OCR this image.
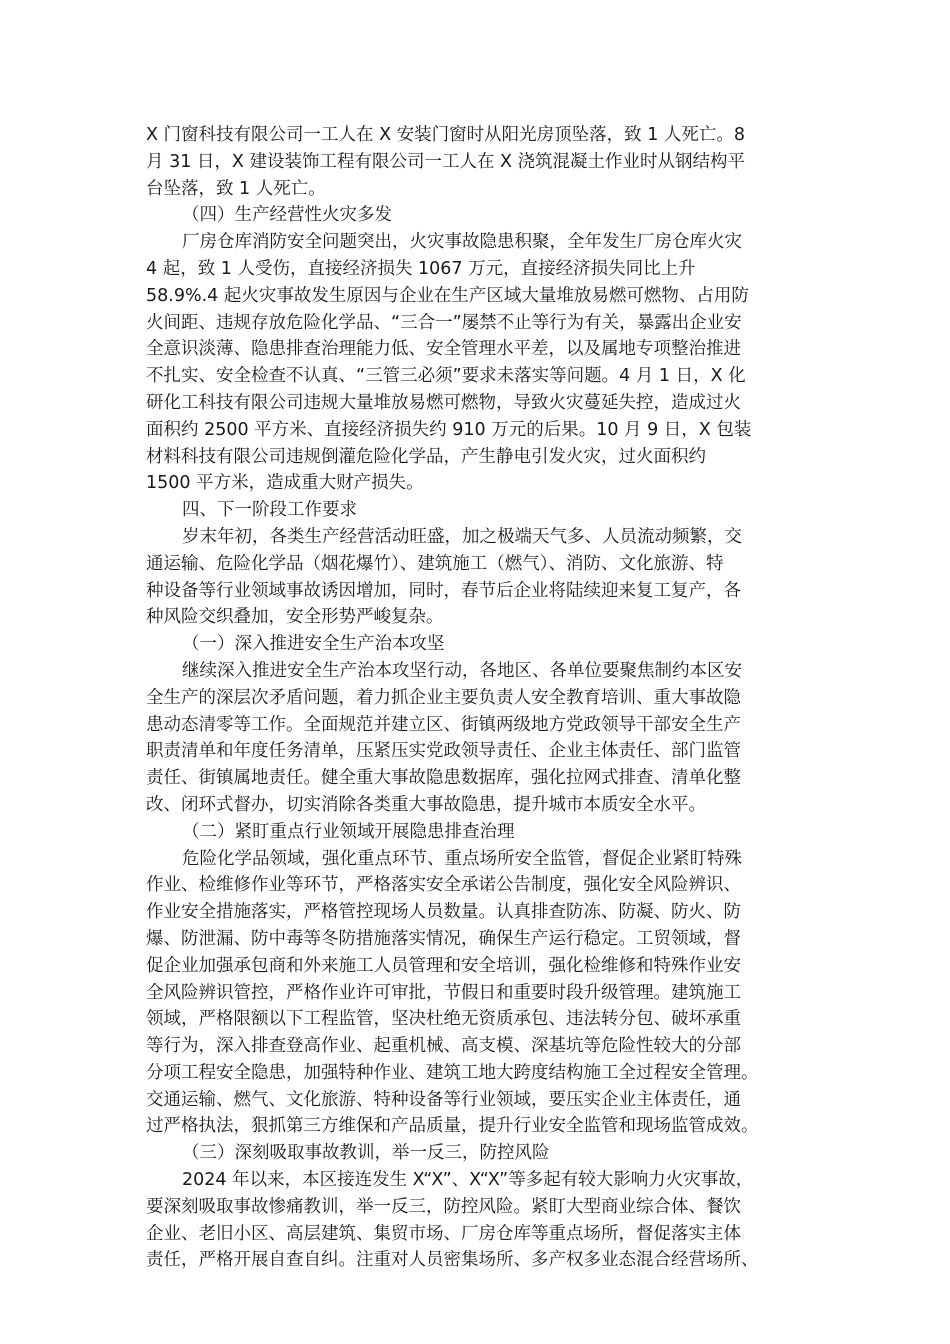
X 门窗科技有限公司一工人在 X 安装门窗时从阳光房顶坠落，致 1 人死亡。8
月 31 日，X 建设装饰工程有限公司一工人在 X 浇筑混凝土作业时从钢结构平
台坠落，致 1 人死亡。
（四）生产经营性火灾多发
厂房仓库消防安全问题突出，火灾事故隐患积聚，全年发生厂房仓库火灾
4 起，致 1 人受伤，直接经济损失 1067 万元，直接经济损失同比上升
58.9%.4 起火灾事故发生原因与企业在生产区域大量堆放易燃可燃物、占用防
火间距、违规存放危险化学品、“三合一”屡禁不止等行为有关，暴露出企业安
全意识淡薄、隐患排查治理能力低、安全管理水平差，以及属地专项整治推进
不扎实、安全检查不认真、“三管三必须”要求未落实等问题。4 月 1 日，X 化
研化工科技有限公司违规大量堆放易燃可燃物，导致火灾蔓延失控，造成过火
面积约 2500 平方米、直接经济损失约 910 万元的后果。10 月 9 日，X 包装
材料科技有限公司违规倒灌危险化学品，产生静电引发火灾，过火面积约
1500 平方米，造成重大财产损失。
四、下一阶段工作要求
岁末年初，各类生产经营活动旺盛，加之极端天气多、人员流动频繁，交
通运输、危险化学品（烟花爆竹）、建筑施工（燃气）、消防、文化旅游、特
种设备等行业领域事故诱因增加，同时，春节后企业将陆续迎来复工复产，各
种风险交织叠加，安全形势严峻复杂。
（一）深入推进安全生产治本攻坚
继续深入推进安全生产治本攻坚行动，各地区、各单位要聚焦制约本区安
全生产的深层次矛盾问题，着力抓企业主要负责人安全教育培训、重大事故隐
患动态清零等工作。全面规范并建立区、街镇两级地方党政领导干部安全生产
职责清单和年度任务清单，压紧压实党政领导责任、企业主体责任、部门监管
责任、街镇属地责任。健全重大事故隐患数据库，强化拉网式排查、清单化整
改、闭环式督办，切实消除各类重大事故隐患，提升城市本质安全水平。
（二）紧盯重点行业领域开展隐患排查治理
危险化学品领域，强化重点环节、重点场所安全监管，督促企业紧盯特殊
作业、检维修作业等环节，严格落实安全承诺公告制度，强化安全风险辨识、
作业安全措施落实，严格管控现场人员数量。认真排查防冻、防凝、防火、防
爆、防泄漏、防中毒等冬防措施落实情况，确保生产运行稳定。工贸领域，督
促企业加强承包商和外来施工人员管理和安全培训，强化检维修和特殊作业安
全风险辨识管控，严格作业许可审批，节假日和重要时段升级管理。建筑施工
领域，严格限额以下工程监管，坚决杜绝无资质承包、违法转分包、破坏承重
等行为，深入排查登高作业、起重机械、高支模、深基坑等危险性较大的分部
分项工程安全隐患，加强特种作业、建筑工地大跨度结构施工全过程安全管理。
交通运输、燃气、文化旅游、特种设备等行业领域，要压实企业主体责任，通
过严格执法，狠抓第三方维保和产品质量，提升行业安全监管和现场监管成效。
（三）深刻吸取事故教训，举一反三，防控风险
2024 年以来，本区接连发生 X“X”、X“X”等多起有较大影响力火灾事故，
要深刻吸取事故惨痛教训，举一反三，防控风险。紧盯大型商业综合体、餐饮
企业、老旧小区、高层建筑、集贸市场、厂房仓库等重点场所，督促落实主体
责任，严格开展自查自纠。注重对人员密集场所、多产权多业态混合经营场所、
